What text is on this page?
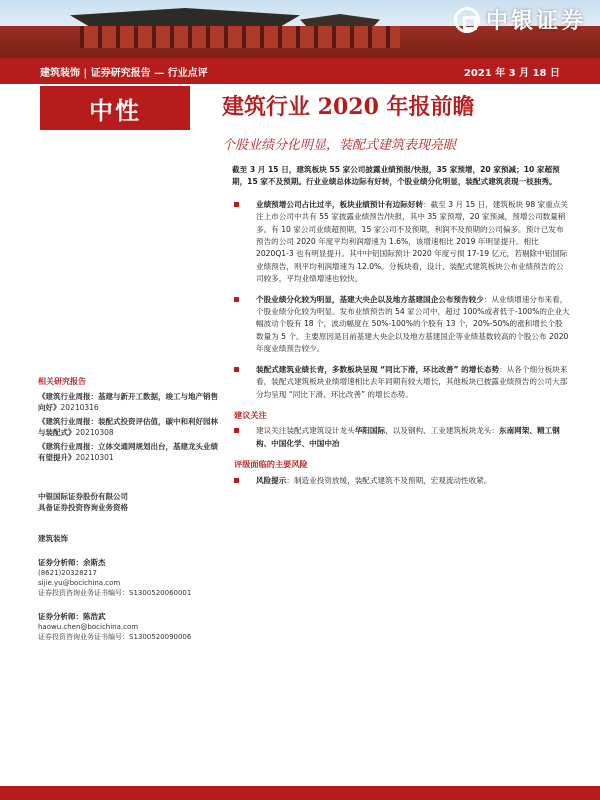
中银证券
建筑装饰 | 证券研究报告 — 行业点评	2021 年 3 月 18 日
中性	建筑行业 2020 年报前瞻
个股业绩分化明显，装配式建筑表现亮眼

截至 3 月 15 日，建筑板块 55 家公司披露业绩预报/快报，35 家预增，20 家预减；10 家超预期，15 家不及预期。行业业绩总体边际有好转，个股业绩分化明显，装配式建筑表现一枝独秀。

业绩预增公司占比过半，板块业绩预计有边际好转：截至 3 月 15 日，建筑板块 98 家重点关注上市公司中共有 55 家披露业绩预告/快报，其中 35 家预增，20 家预减，预增公司数量稍多。有 10 家公司业绩超预期，15 家公司不及预期，利润不及预期的公司偏多。预计已发布预告的公司 2020 年度平均利润增速为 1.6%，该增速相比 2019 年明显提升。相比 2020Q1-3 也有明显提升。其中中铝国际预计 2020 年度亏损 17-19 亿元，若剔除中铝国际业绩预告，则平均利润增速为 12.0%。分板块看，设计、装配式建筑板块公布业绩预告的公司较多，平均业绩增速也较快。
个股业绩分化较为明显，基建大央企以及地方基建国企公布预告较少：从业绩增速分布来看，个股业绩分化较为明显。发布业绩预告的 54 家公司中，超过 100%或者低于-100%的企业大幅波动个股有 18 个，波动幅度在 50%-100%的个股有 13 个，20%-50%的涨和增长个股数量为 5 个。主要原因是目前基建大央企以及地方基建国企等业绩基数较高的个股公布 2020 年度业绩预告较少。
装配式建筑业绩长青，多数板块呈现 “同比下滑，环比改善” 的增长态势：从各个细分板块来看，装配式建筑板块业绩增速相比去年同期有较大增长，其他板块已披露业绩预告的公司大部分均呈现 “同比下滑、环比改善” 的增长态势。
建议关注
建议关注装配式建筑设计龙头华阳国际，以及钢构、工业建筑板块龙头：东南网架、精工钢构、中国化学、中国中冶
评级面临的主要风险
风险提示：制造业投资放缓，装配式建筑不及预期，宏观流动性收紧。
相关研究报告
《建筑行业周报：基建与新开工数据，竣工与地产销售向好》20210316
《建筑行业周报：装配式投资评估值，碳中和利好园林与装配式》20210308
《建筑行业周报：立体交通网规划出台，基建龙头业绩有望提升》20210301
中银国际证券股份有限公司
具备证券投资咨询业务资格
建筑装饰
证券分析师：余斯杰
(8621)20328217
sijie.yu@bocichina.com
证券投资咨询业务证书编号：S1300520060001
证券分析师：陈浩武
haowu.chen@bocichina.com
证券投资咨询业务证书编号：S1300520090006
